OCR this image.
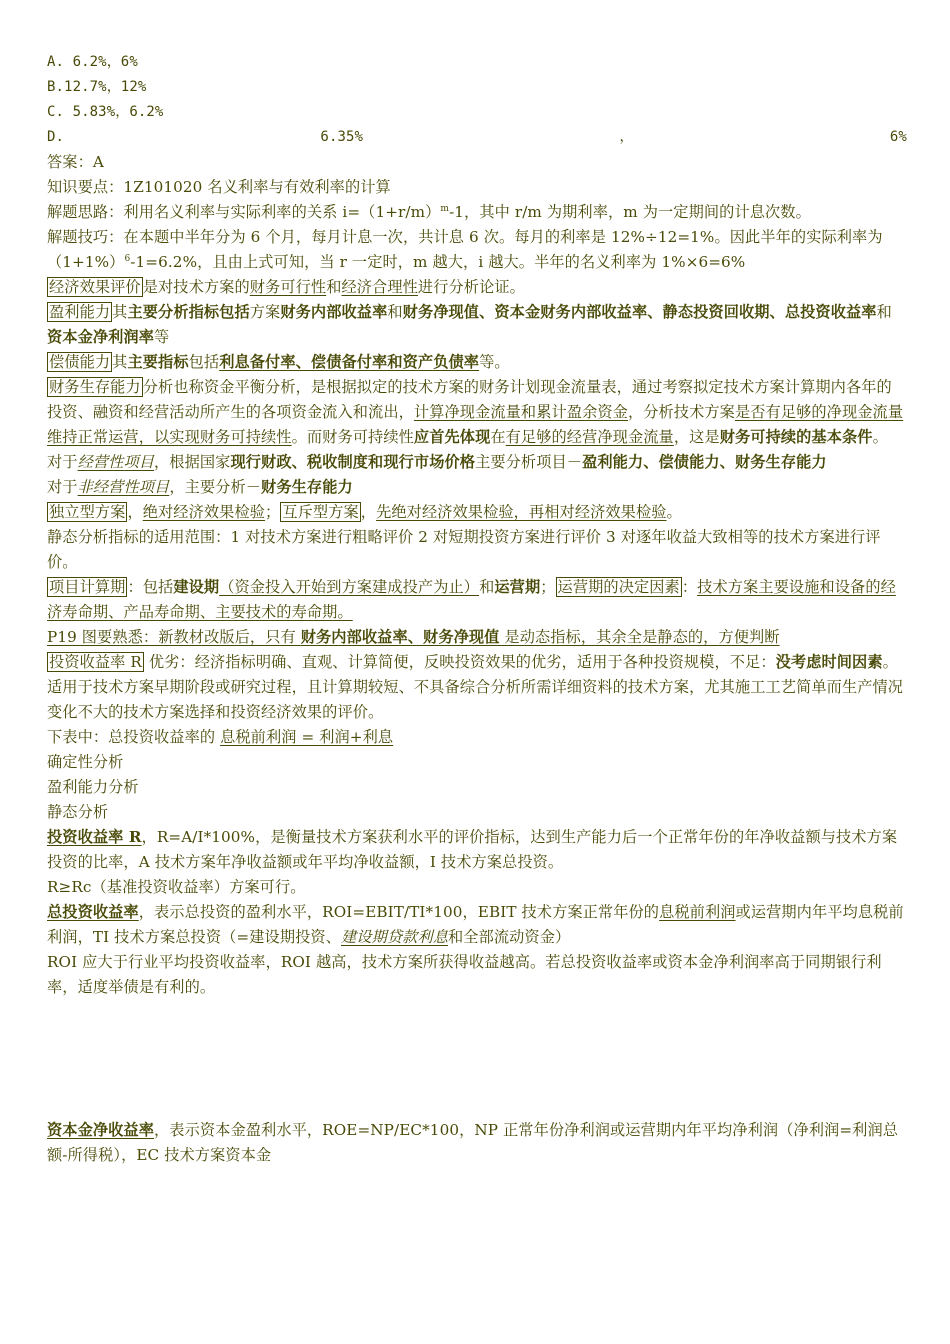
A. 6.2%，6%
B.12.7%，12%
C. 5.83%，6.2%
D.	6.35%	，	6%
答案：A
知识要点：1Z101020 名义利率与有效利率的计算
解题思路：利用名义利率与实际利率的关系 $i=(1+r/m)^m-1$，其中 r/m 为期利率，m 为一定期间的计息次数。
解题技巧：在本题中半年分为 6 个月，每月计息一次，共计息 6 次。每月的利率是 12%÷12=1%。因此半年的实际利率为$(1+1\%)^6-1=6.2\%$，且由上式可知，当 r 一定时，m 越大，i 越大。半年的名义利率为 1%×6=6%
经济效果评价 是对技术方案的财务可行性和经济合理性进行分析论证。
盈利能力 其主要分析指标包括方案财务内部收益率和财务净现值、资本金财务内部收益率、静态投资回收期、总投资收益率和资本金净利润率等
偿债能力 其主要指标包括利息备付率、偿债备付率和资产负债率等。
财务生存能力 分析也称资金平衡分析，是根据拟定的技术方案的财务计划现金流量表，通过考察拟定技术方案计算期内各年的投资、融资和经营活动所产生的各项资金流入和流出，计算净现金流量和累计盈余资金，分析技术方案是否有足够的净现金流量维持正常运营，以实现财务可持续性。而财务可持续性应首先体现在有足够的经营净现金流量，这是财务可持续的基本条件。
对于经营性项目，根据国家现行财政、税收制度和现行市场价格主要分析项目－盈利能力、偿债能力、财务生存能力
对于非经营性项目，主要分析－财务生存能力
独立型方案 ，绝对经济效果检验； 互斥型方案 ，先绝对经济效果检验，再相对经济效果检验。
静态分析指标的适用范围：1 对技术方案进行粗略评价 2 对短期投资方案进行评价 3 对逐年收益大致相等的技术方案进行评价。
项目计算期 ：包括建设期（资金投入开始到方案建成投产为止）和运营期； 运营期的决定因素 ：技术方案主要设施和设备的经济寿命期、产品寿命期、主要技术的寿命期。
P19 图要熟悉：新教材改版后，只有 财务内部收益率、财务净现值 是动态指标，其余全是静态的，方便判断
投资收益率 R 优劣：经济指标明确、直观、计算简便，反映投资效果的优劣，适用于各种投资规模，不足：没考虑时间因素。适用于技术方案早期阶段或研究过程，且计算期较短、不具备综合分析所需详细资料的技术方案，尤其施工工艺简单而生产情况变化不大的技术方案选择和投资经济效果的评价。
下表中：总投资收益率的 息税前利润 = 利润+利息
确定性分析
盈利能力分析
静态分析
投资收益率 R，R=A/I*100%，是衡量技术方案获利水平的评价指标，达到生产能力后一个正常年份的年净收益额与技术方案投资的比率，A 技术方案年净收益额或年平均净收益额，I 技术方案总投资。
R≥Rc（基准投资收益率）方案可行。
总投资收益率，表示总投资的盈利水平，ROI=EBIT/TI*100，EBIT 技术方案正常年份的息税前利润或运营期内年平均息税前利润，TI 技术方案总投资（=建设期投资、建设期贷款利息和全部流动资金）
ROI 应大于行业平均投资收益率，ROI 越高，技术方案所获得收益越高。若总投资收益率或资本金净利润率高于同期银行利率，适度举债是有利的。
资本金净收益率，表示资本金盈利水平，ROE=NP/EC*100，NP 正常年份净利润或运营期内年平均净利润（净利润=利润总额-所得税），EC 技术方案资本金
